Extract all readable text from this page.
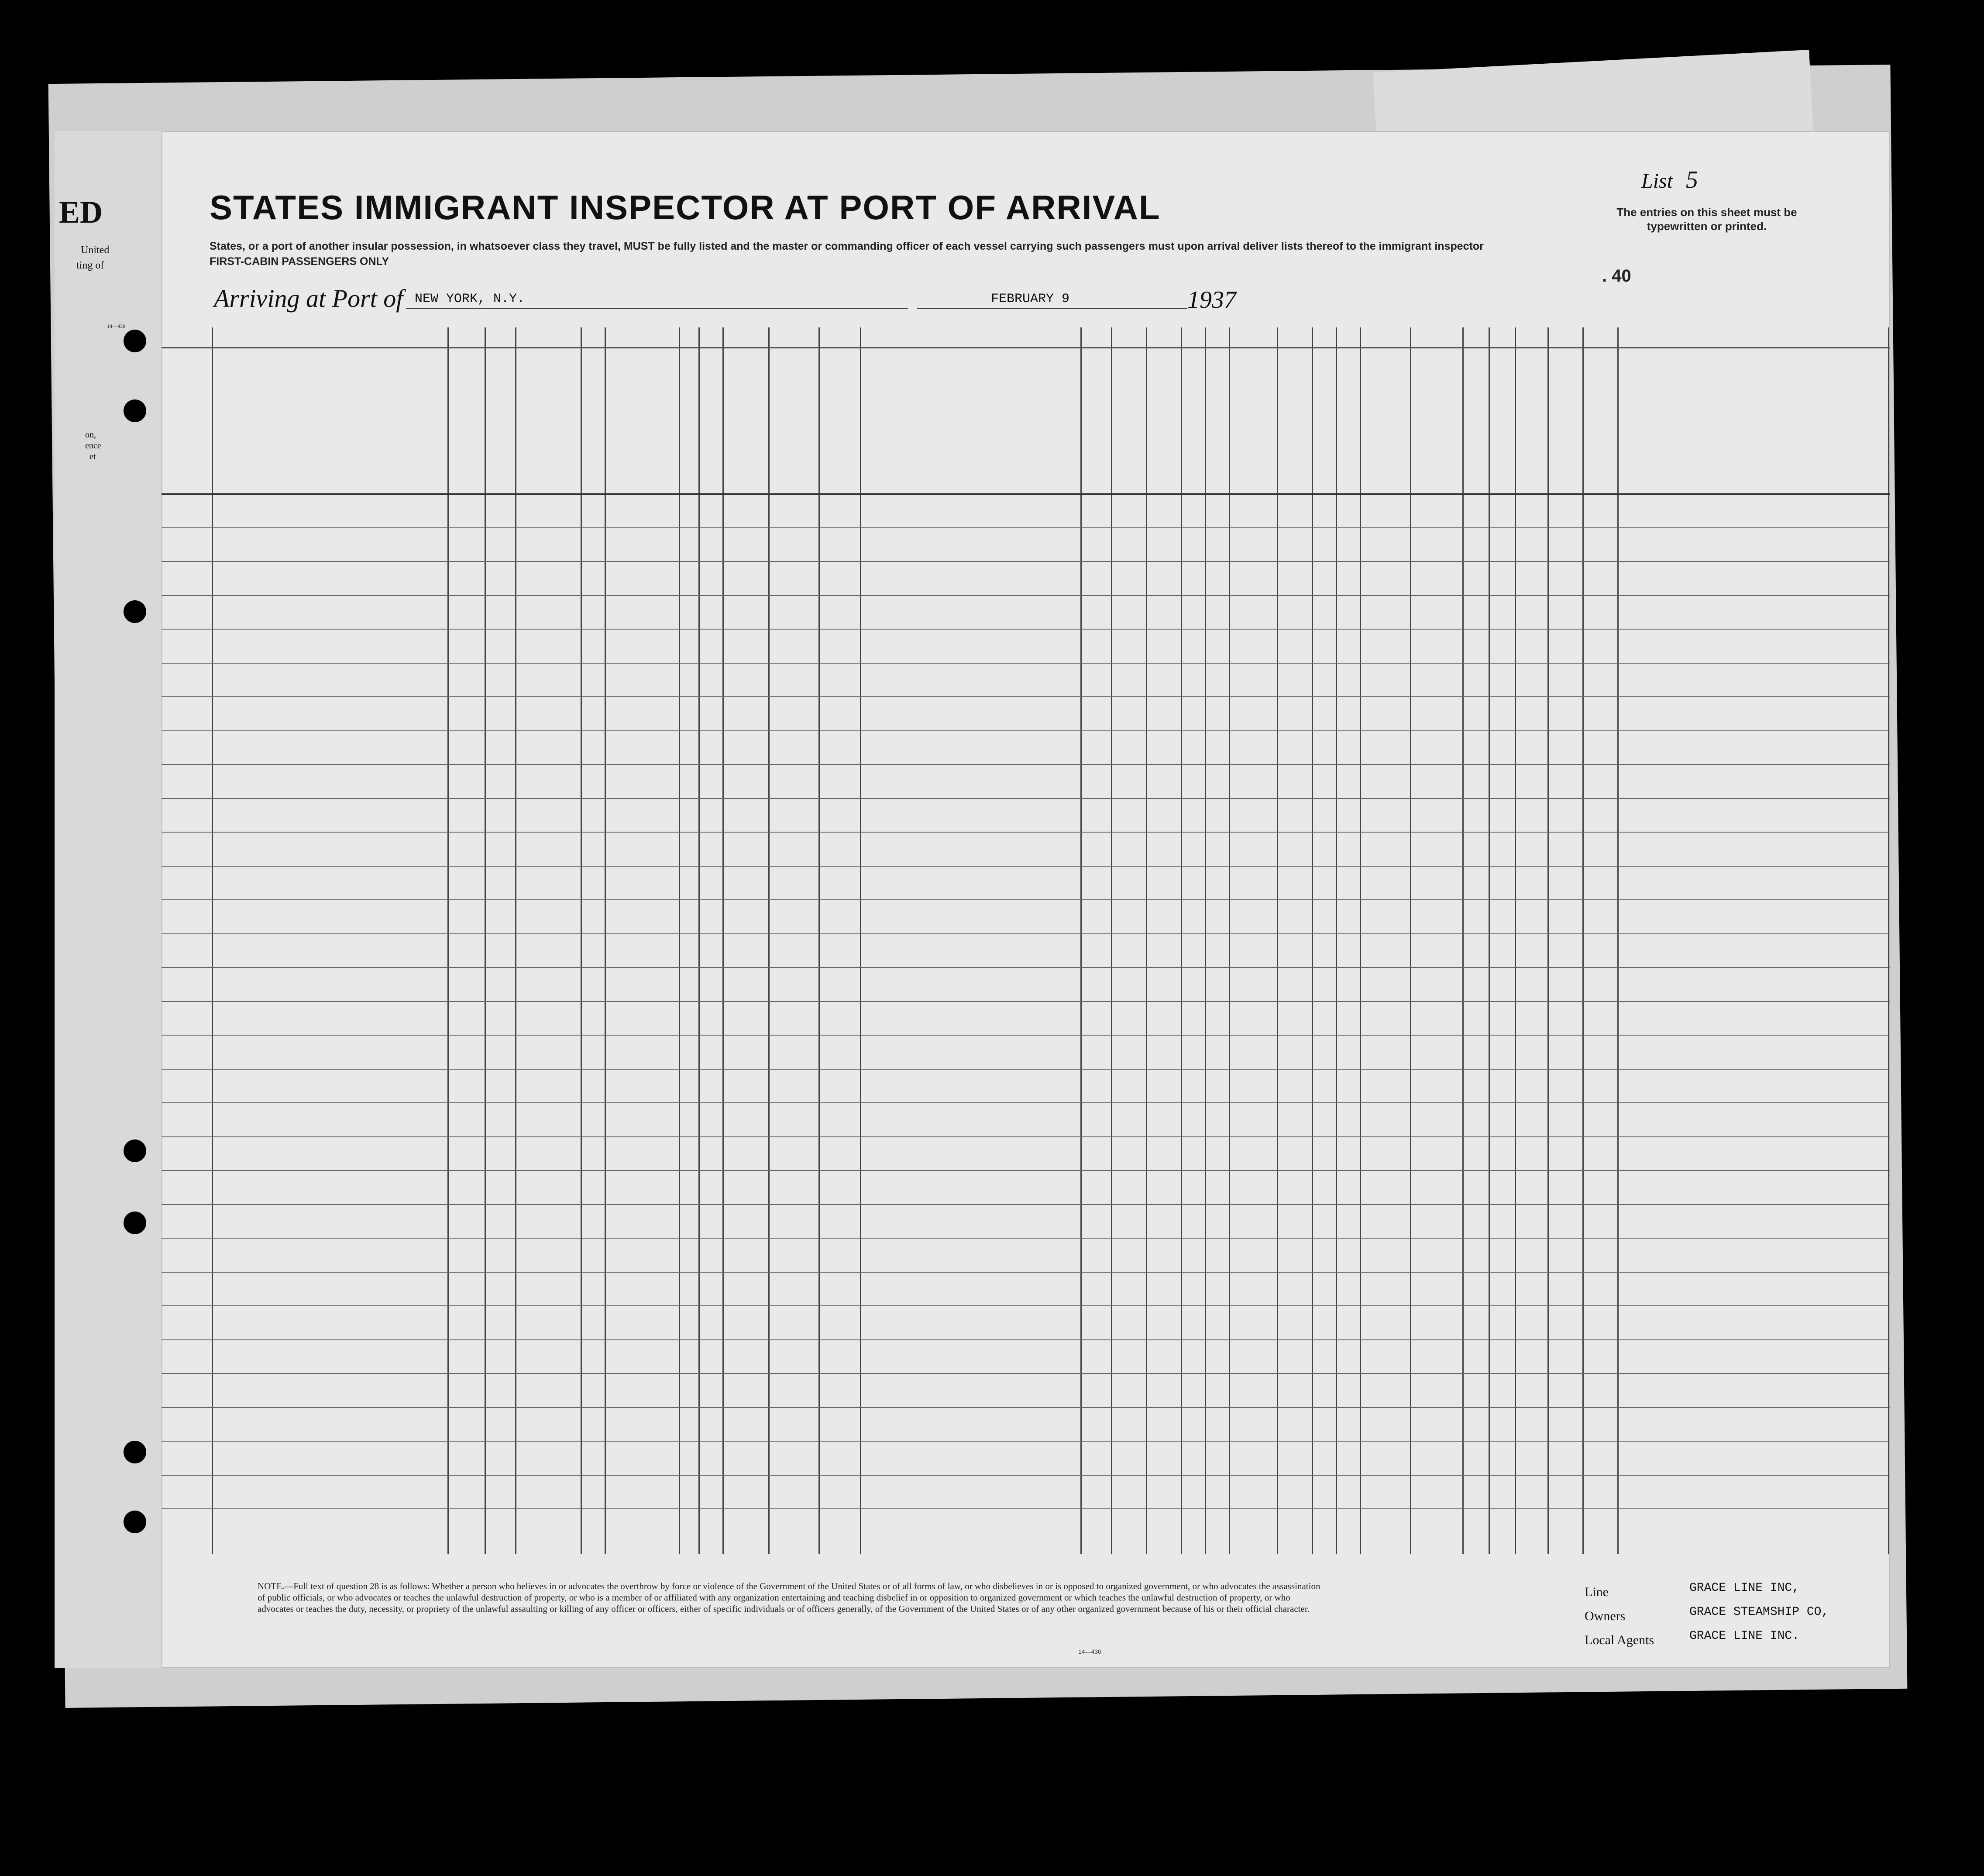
ED
United
ting of
14—430
on,
ence
et
STATES IMMIGRANT INSPECTOR AT PORT OF ARRIVAL
States, or a port of another insular possession, in whatsoever class they travel, MUST be fully listed and the master or commanding officer of each vessel carrying such passengers must upon arrival deliver lists thereof to the immigrant inspector
FIRST-CABIN PASSENGERS ONLY
List 5
The entries on this sheet must be typewritten or printed.
. 40
Arriving at Port of NEW YORK, N.Y.	FEBRUARY 9	1937
NOTE.—Full text of question 28 is as follows: Whether a person who believes in or advocates the overthrow by force or violence of the Government of the United States or of all forms of law, or who disbelieves in or is opposed to organized government, or who advocates the assassination of public officials, or who advocates or teaches the unlawful destruction of property, or who is a member of or affiliated with any organization entertaining and teaching disbelief in or opposition to organized government or which teaches the unlawful destruction of property, or who advocates or teaches the duty, necessity, or propriety of the unlawful assaulting or killing of any officer or officers, either of specific individuals or of officers generally, of the Government of the United States or of any other organized government because of his or their official character.
14—430
Line	GRACE LINE INC,
Owners	GRACE STEAMSHIP CO,
Local Agents	GRACE LINE INC.
